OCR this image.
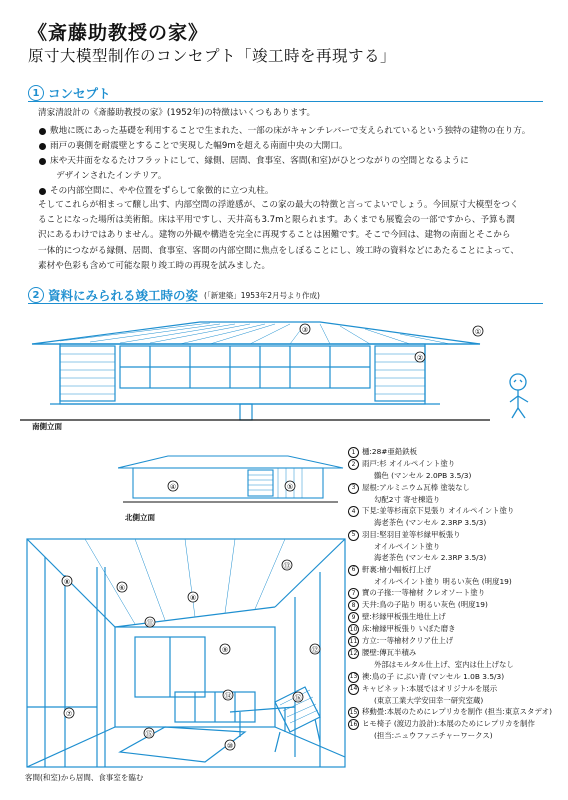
《斎藤助教授の家》
原寸大模型制作のコンセプト「竣工時を再現する」
1 コンセプト
清家清設計の《斎藤助教授の家》(1952年)の特徴はいくつもあります。
敷地に既にあった基礎を利用することで生まれた、一部の床がキャンチレバーで支えられているという独特の建物の在り方。
雨戸の裏側を耐震壁とすることで実現した幅9mを超える南面中央の大開口。
床や天井面をなるたけフラットにして、縁側、居間、食事室、客間(和室)がひとつながりの空間となるように
デザインされたインテリア。
その内部空間に、やや位置をずらして象徴的に立つ丸柱。
そしてこれらが相まって醸し出す、内部空間の浮遊感が、この家の最大の特徴と言ってよいでしょう。今回原寸大模型をつく
ることになった場所は美術館。床は平用ですし、天井高も3.7mと限られます。あくまでも展覧会の一部ですから、予算も潤
沢にあるわけではありません。建物の外観や構造を完全に再現することは困難です。そこで今回は、建物の南面とそこから
一体的につながる縁側、居間、食事室、客間の内部空間に焦点をしぼることにし、竣工時の資料などにあたることによって、
素材や色彩も含めて可能な限り竣工時の再現を試みました。
2 資料にみられる竣工時の姿 (「新建築」1953年2月号より作成)
③	①
②
南側立面
④	⑤
北側立面
⑬
⑧
⑥
⑧
⑪
⑨	⑫
⑭	⑯
⑦
⑮
⑩
客間(和室)から居間、食事室を臨む
1 樋:28#亜鉛鉄板
2 雨戸:杉 オイルペイント塗り
鶸色 (マンセル 2.0PB 3.5/3)
3 屋根:アルミニウム瓦棒 塗装なし
勾配2寸 寄せ棟造り
4 下見:並等杉南京下見張り オイルペイント塗り
海老茶色 (マンセル 2.3RP 3.5/3)
5 羽目:堅羽目並等杉縁甲板張り
オイルペイント塗り
海老茶色 (マンセル 2.3RP 3.5/3)
6 軒裏:檜小幅板打上げ
オイルペイント塗り 明るい灰色 (明度19)
7 寶の子掾:一等檜材 クレオソート塗り
8 天井:鳥の子貼り 明るい灰色 (明度19)
9 壁:杉縁甲板張生地仕上げ
10 床:檜縁甲板張り いぼた磨き
11 方立:一等檜材クリア仕上げ
12 腰壁:傳瓦半積み
外部はモルタル仕上げ、室内は仕上げなし
13 襖:鳥の子 にぶい青 (マンセル 1.0B 3.5/3)
14 キャビネット:本展ではオリジナルを展示
(東京工業大学安田幸一研究室蔵)
15 移動畳:本展のためにレプリカを制作 (担当:東京スタデオ)
16 ヒモ椅子 (渡辺力設計):本展のためにレプリカを制作
(担当:ニュウファニチャーワークス)
